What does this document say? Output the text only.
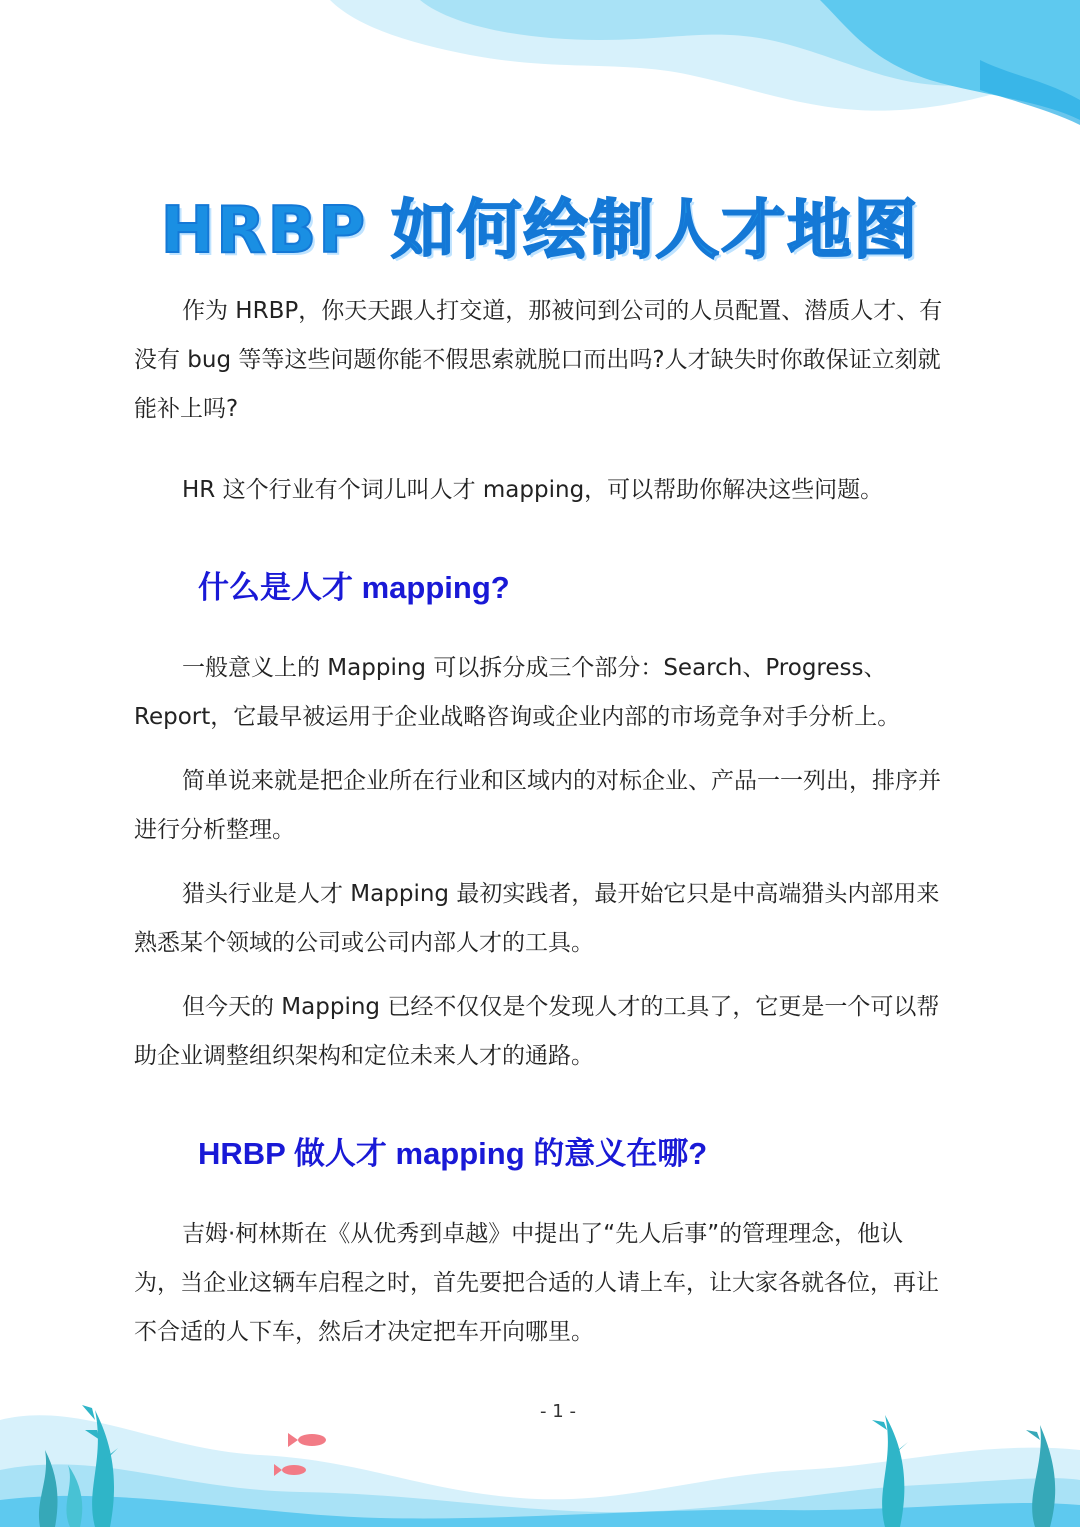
HRBP 如何绘制人才地图

作为 HRBP，你天天跟人打交道，那被问到公司的人员配置、潜质人才、有没有 bug 等等这些问题你能不假思索就脱口而出吗?人才缺失时你敢保证立刻就能补上吗?

HR 这个行业有个词儿叫人才 mapping，可以帮助你解决这些问题。

什么是人才 mapping?

一般意义上的 Mapping 可以拆分成三个部分：Search、Progress、Report，它最早被运用于企业战略咨询或企业内部的市场竞争对手分析上。

简单说来就是把企业所在行业和区域内的对标企业、产品一一列出，排序并进行分析整理。

猎头行业是人才 Mapping 最初实践者，最开始它只是中高端猎头内部用来熟悉某个领域的公司或公司内部人才的工具。

但今天的 Mapping 已经不仅仅是个发现人才的工具了，它更是一个可以帮助企业调整组织架构和定位未来人才的通路。

HRBP 做人才 mapping 的意义在哪?

吉姆·柯林斯在《从优秀到卓越》中提出了“先人后事”的管理理念，他认为，当企业这辆车启程之时，首先要把合适的人请上车，让大家各就各位，再让不合适的人下车，然后才决定把车开向哪里。

- 1 -
